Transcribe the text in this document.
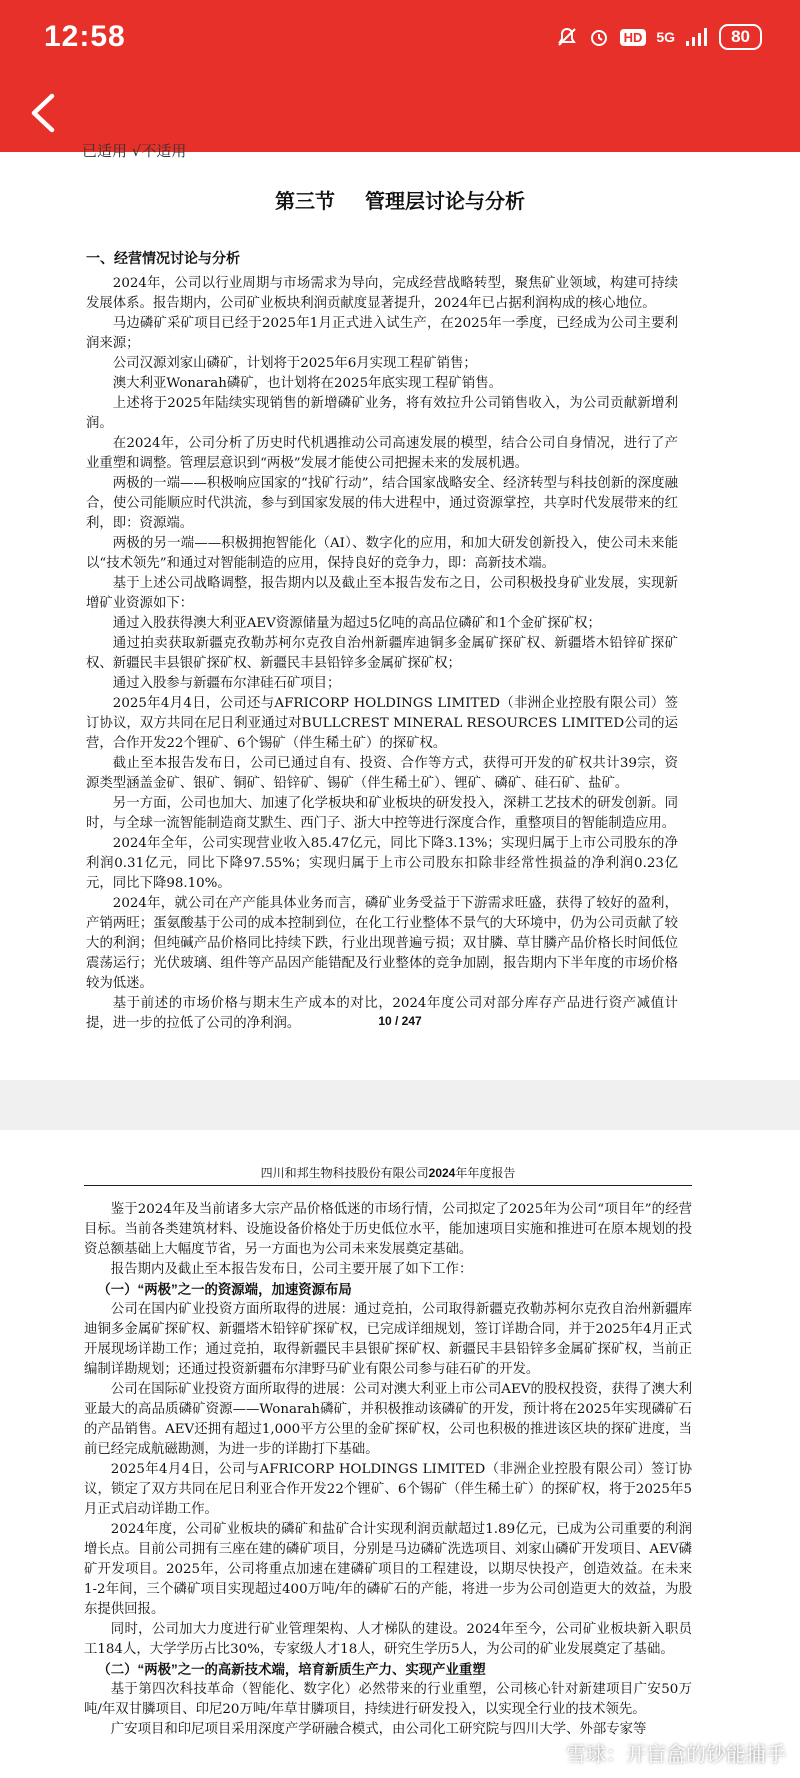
12:58	HD 5G	80
已适用 √不适用
第三节 管理层讨论与分析
一、经营情况讨论与分析

2024年，公司以行业周期与市场需求为导向，完成经营战略转型，聚焦矿业领域，构建可持续发展体系。报告期内，公司矿业板块利润贡献度显著提升，2024年已占据利润构成的核心地位。

马边磷矿采矿项目已经于2025年1月正式进入试生产，在2025年一季度，已经成为公司主要利润来源；

公司汉源刘家山磷矿，计划将于2025年6月实现工程矿销售；

澳大利亚Wonarah磷矿，也计划将在2025年底实现工程矿销售。

上述将于2025年陆续实现销售的新增磷矿业务，将有效拉升公司销售收入，为公司贡献新增利润。

在2024年，公司分析了历史时代机遇推动公司高速发展的模型，结合公司自身情况，进行了产业重塑和调整。管理层意识到“两极”发展才能使公司把握未来的发展机遇。

两极的一端——积极响应国家的“找矿行动”，结合国家战略安全、经济转型与科技创新的深度融合，使公司能顺应时代洪流，参与到国家发展的伟大进程中，通过资源掌控，共享时代发展带来的红利，即：资源端。

两极的另一端——积极拥抱智能化（AI）、数字化的应用，和加大研发创新投入，使公司未来能以“技术领先”和通过对智能制造的应用，保持良好的竞争力，即：高新技术端。

基于上述公司战略调整，报告期内以及截止至本报告发布之日，公司积极投身矿业发展，实现新增矿业资源如下：

通过入股获得澳大利亚AEV资源储量为超过5亿吨的高品位磷矿和1个金矿探矿权；

通过拍卖获取新疆克孜勒苏柯尔克孜自治州新疆库迪铜多金属矿探矿权、新疆塔木铅锌矿探矿权、新疆民丰县银矿探矿权、新疆民丰县铅锌多金属矿探矿权；

通过入股参与新疆布尔津硅石矿项目；

2025年4月4日，公司还与AFRICORP HOLDINGS LIMITED（非洲企业控股有限公司）签订协议，双方共同在尼日利亚通过对BULLCREST MINERAL RESOURCES LIMITED公司的运营，合作开发22个锂矿、6个锡矿（伴生稀土矿）的探矿权。

截止至本报告发布日，公司已通过自有、投资、合作等方式，获得可开发的矿权共计39宗，资源类型涵盖金矿、银矿、铜矿、铅锌矿、锡矿（伴生稀土矿）、锂矿、磷矿、硅石矿、盐矿。

另一方面，公司也加大、加速了化学板块和矿业板块的研发投入，深耕工艺技术的研发创新。同时，与全球一流智能制造商艾默生、西门子、浙大中控等进行深度合作，重整项目的智能制造应用。

2024年全年，公司实现营业收入85.47亿元，同比下降3.13%；实现归属于上市公司股东的净利润0.31亿元，同比下降97.55%；实现归属于上市公司股东扣除非经常性损益的净利润0.23亿元，同比下降98.10%。

2024年，就公司在产产能具体业务而言，磷矿业务受益于下游需求旺盛，获得了较好的盈利，产销两旺；蛋氨酸基于公司的成本控制到位，在化工行业整体不景气的大环境中，仍为公司贡献了较大的利润；但纯碱产品价格同比持续下跌，行业出现普遍亏损；双甘膦、草甘膦产品价格长时间低位震荡运行；光伏玻璃、组件等产品因产能错配及行业整体的竞争加剧，报告期内下半年度的市场价格较为低迷。

基于前述的市场价格与期末生产成本的对比，2024年度公司对部分库存产品进行资产减值计提，进一步的拉低了公司的净利润。	10 / 247
四川和邦生物科技股份有限公司2024年年度报告

鉴于2024年及当前诸多大宗产品价格低迷的市场行情，公司拟定了2025年为公司“项目年”的经营目标。当前各类建筑材料、设施设备价格处于历史低位水平，能加速项目实施和推进可在原本规划的投资总额基础上大幅度节省，另一方面也为公司未来发展奠定基础。

报告期内及截止至本报告发布日，公司主要开展了如下工作：

（一）“两极”之一的资源端，加速资源布局

公司在国内矿业投资方面所取得的进展：通过竞拍，公司取得新疆克孜勒苏柯尔克孜自治州新疆库迪铜多金属矿探矿权、新疆塔木铅锌矿探矿权，已完成详细规划，签订详勘合同，并于2025年4月正式开展现场详勘工作；通过竞拍，取得新疆民丰县银矿探矿权、新疆民丰县铅锌多金属矿探矿权，当前正编制详勘规划；还通过投资新疆布尔津野马矿业有限公司参与硅石矿的开发。

公司在国际矿业投资方面所取得的进展：公司对澳大利亚上市公司AEV的股权投资，获得了澳大利亚最大的高品质磷矿资源——Wonarah磷矿，并积极推动该磷矿的开发，预计将在2025年实现磷矿石的产品销售。AEV还拥有超过1,000平方公里的金矿探矿权，公司也积极的推进该区块的探矿进度，当前已经完成航磁勘测，为进一步的详勘打下基础。

2025年4月4日，公司与AFRICORP HOLDINGS LIMITED（非洲企业控股有限公司）签订协议，锁定了双方共同在尼日利亚合作开发22个锂矿、6个锡矿（伴生稀土矿）的探矿权，将于2025年5月正式启动详勘工作。

2024年度，公司矿业板块的磷矿和盐矿合计实现利润贡献超过1.89亿元，已成为公司重要的利润增长点。目前公司拥有三座在建的磷矿项目，分别是马边磷矿洗选项目、刘家山磷矿开发项目、AEV磷矿开发项目。2025年，公司将重点加速在建磷矿项目的工程建设，以期尽快投产，创造效益。在未来1-2年间，三个磷矿项目实现超过400万吨/年的磷矿石的产能，将进一步为公司创造更大的效益，为股东提供回报。

同时，公司加大力度进行矿业管理架构、人才梯队的建设。2024年至今，公司矿业板块新入职员工184人，大学学历占比30%，专家级人才18人，研究生学历5人，为公司的矿业发展奠定了基础。

（二）“两极”之一的高新技术端，培育新质生产力、实现产业重塑

基于第四次科技革命（智能化、数字化）必然带来的行业重塑，公司核心针对新建项目广安50万吨/年双甘膦项目、印尼20万吨/年草甘膦项目，持续进行研发投入，以实现全行业的技术领先。

广安项目和印尼项目采用深度产学研融合模式，由公司化工研究院与四川大学、外部专家等

雪球：开盲盒的钞能捕手
